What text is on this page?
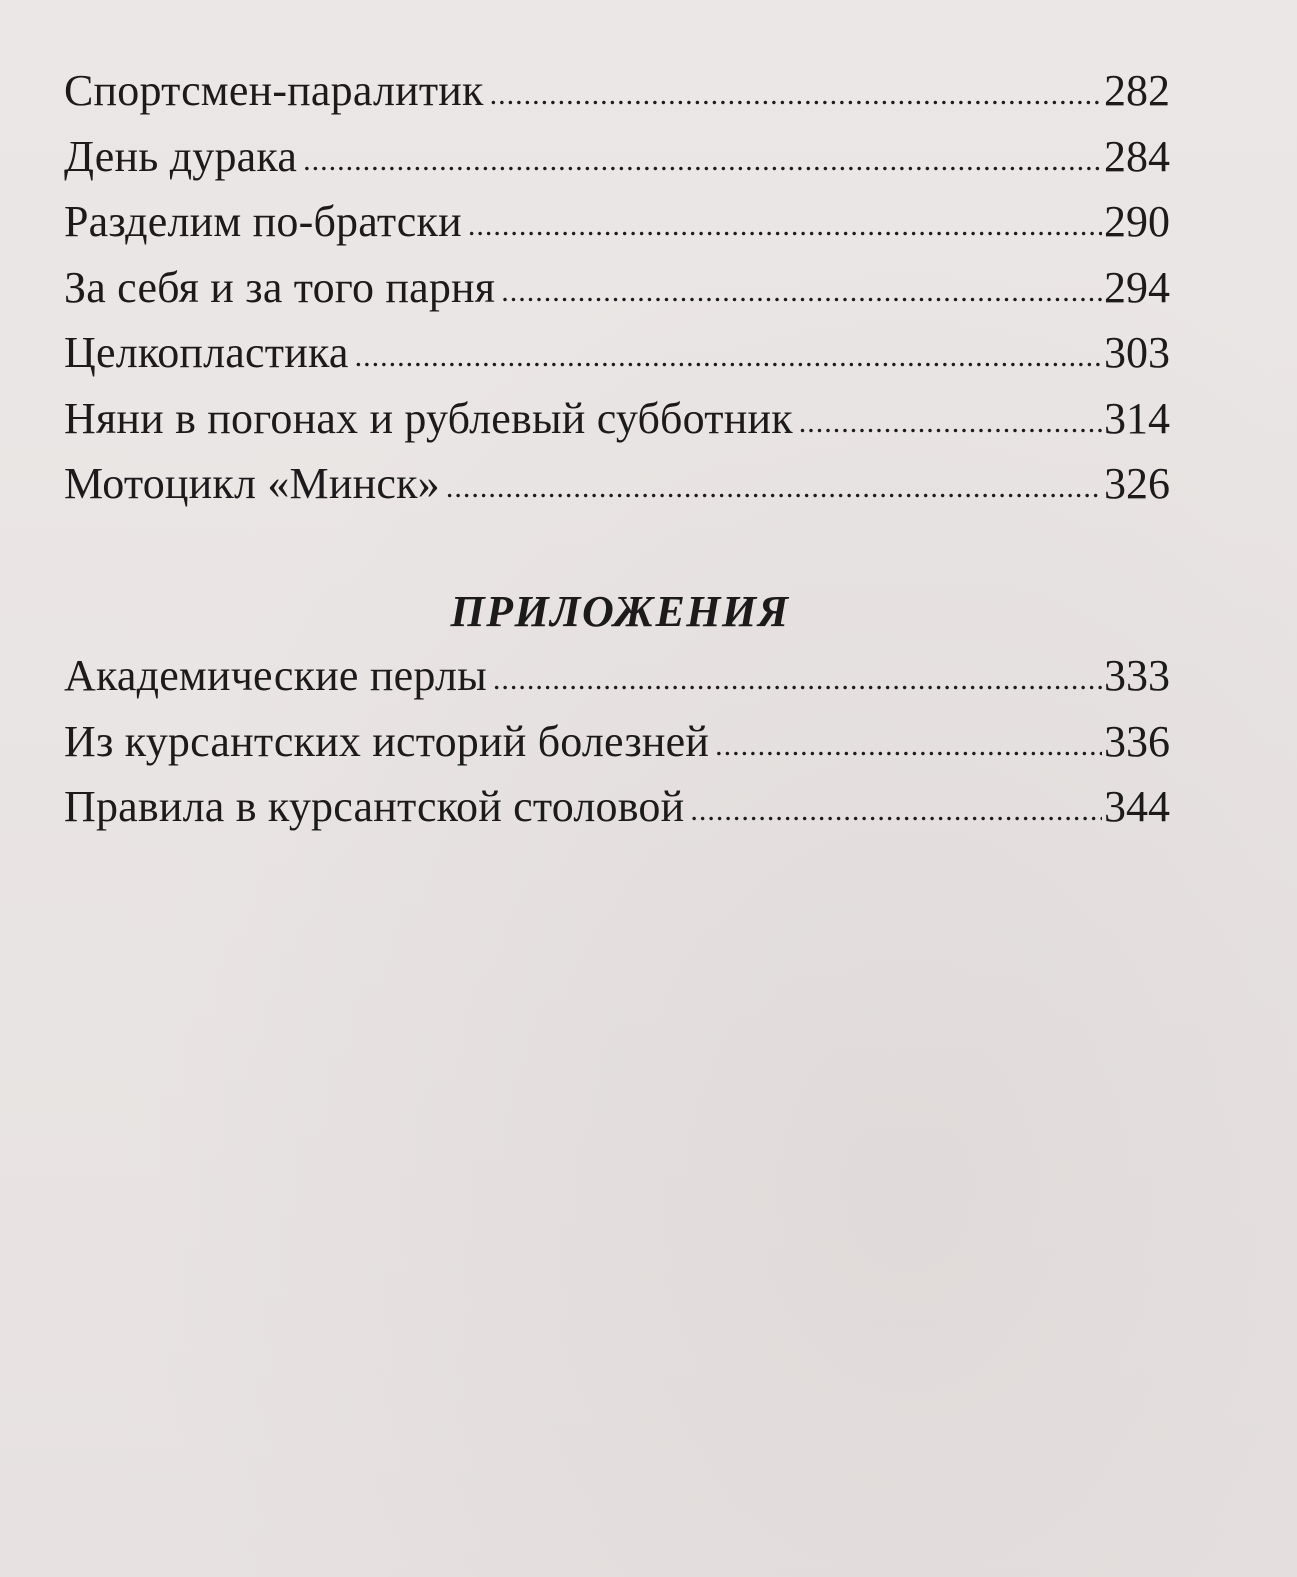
Спортсмен-паралитик .....	282
День дурака .....	284
Разделим по-братски .....	290
За себя и за того парня .....	294
Целкопластика .....	303
Няни в погонах и рублевый субботник .....	314
Мотоцикл «Минск» .....	326
ПРИЛОЖЕНИЯ
Академические перлы .....	333
Из курсантских историй болезней .....	336
Правила в курсантской столовой .....	344
